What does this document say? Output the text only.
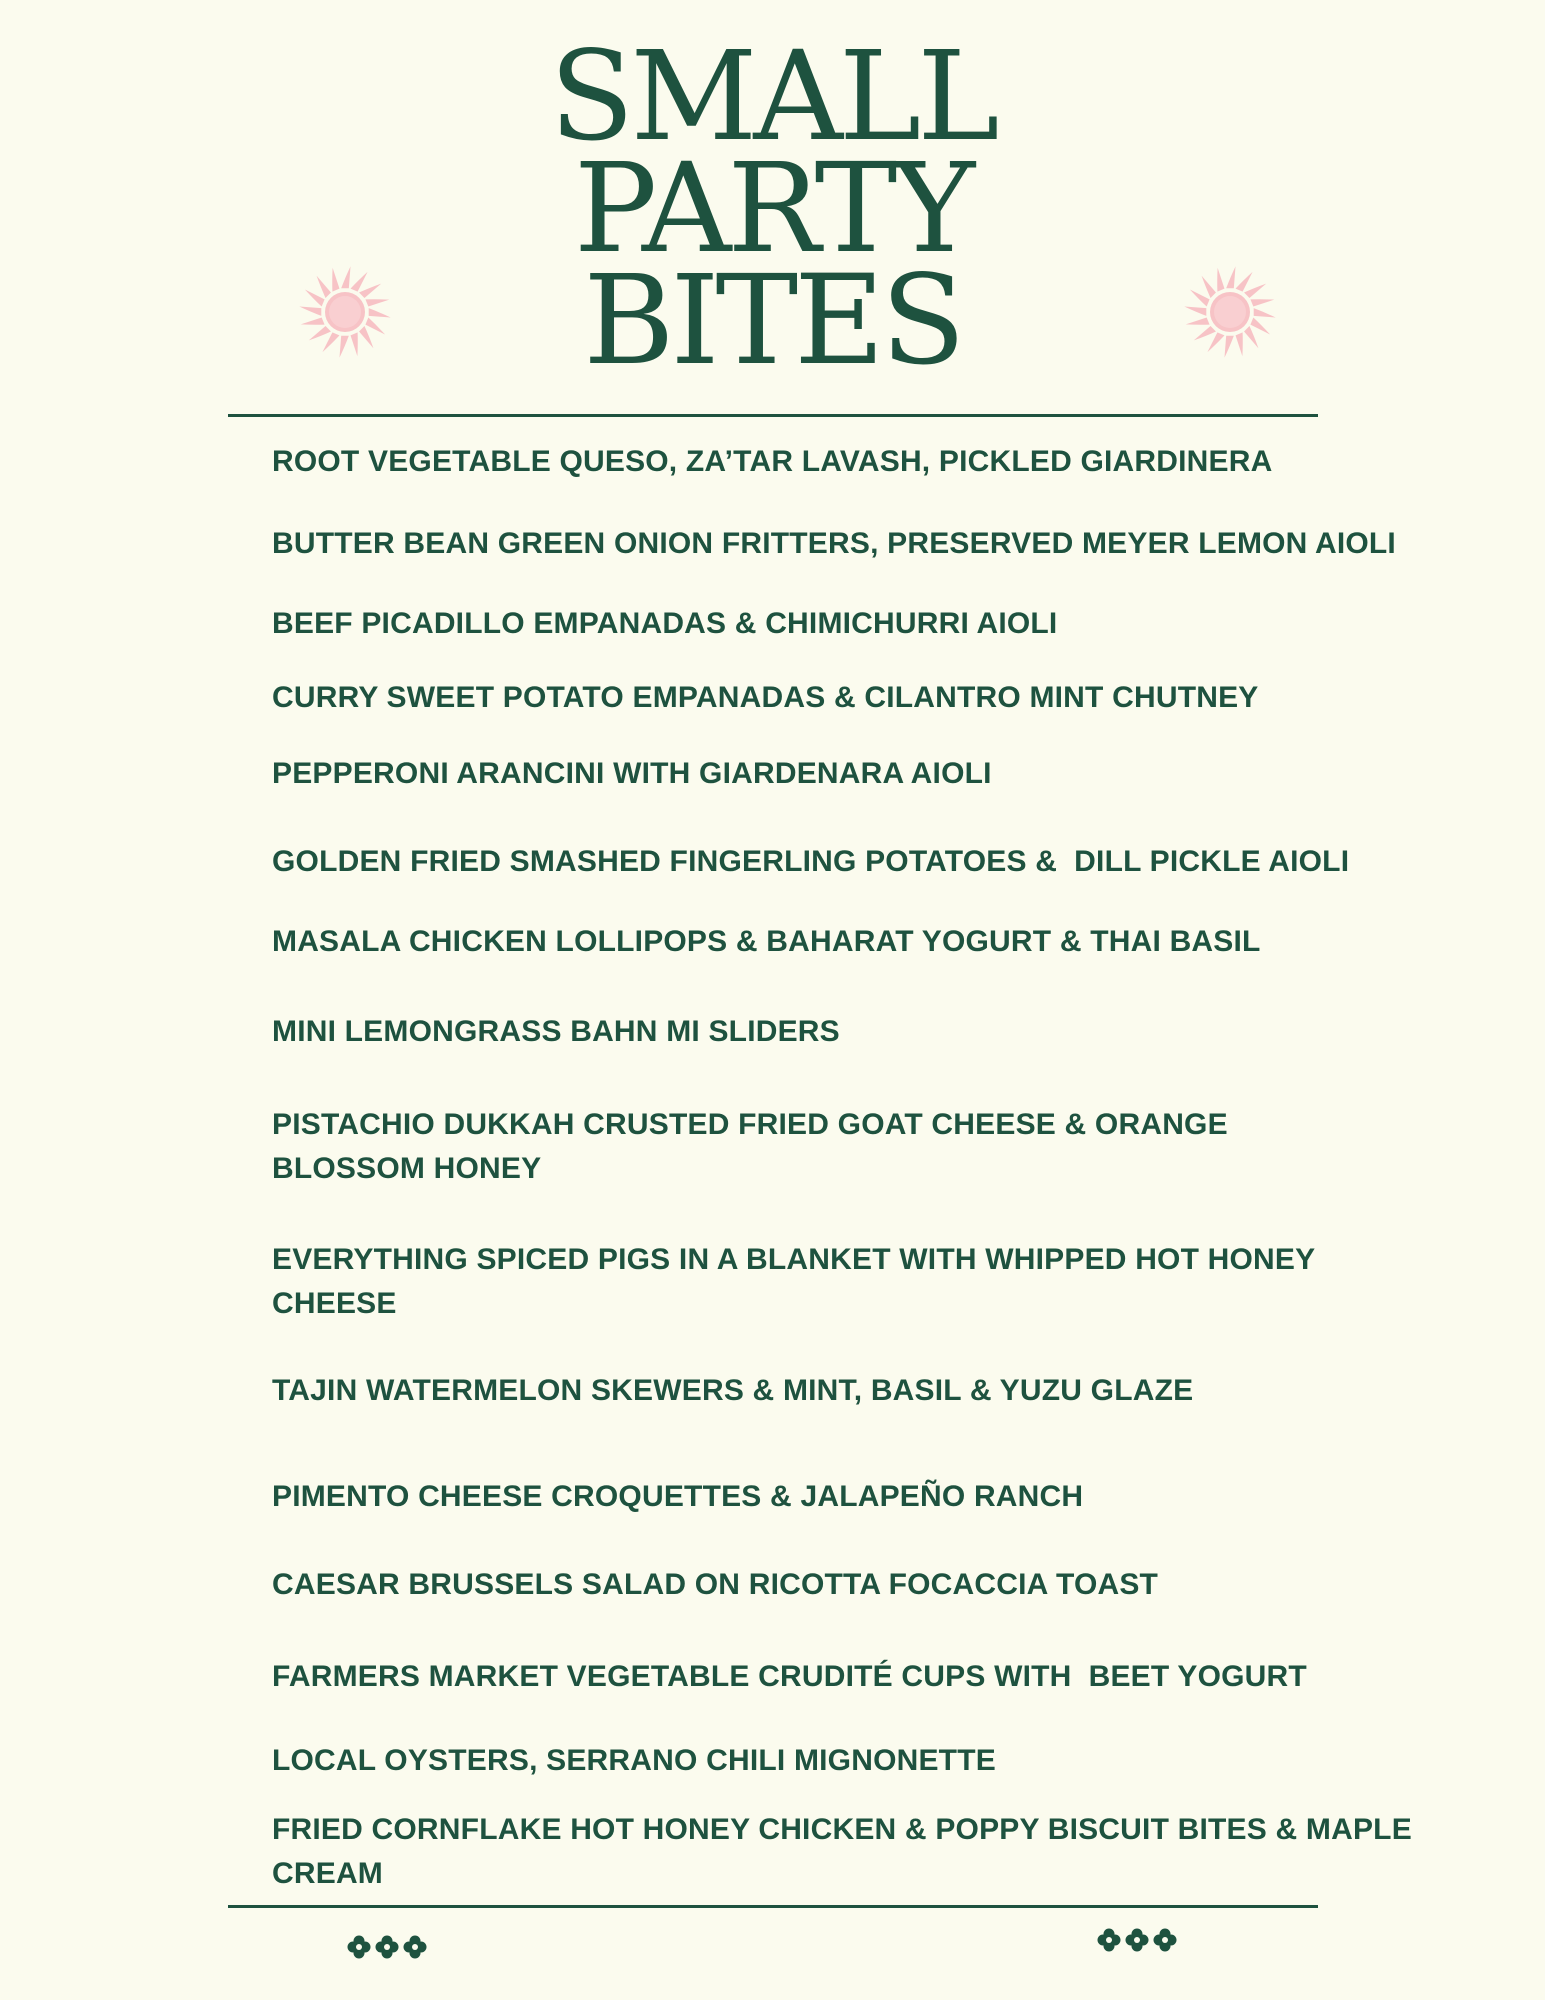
SMALL
PARTY
BITES
ROOT VEGETABLE QUESO, ZA’TAR LAVASH, PICKLED GIARDINERA
BUTTER BEAN GREEN ONION FRITTERS, PRESERVED MEYER LEMON AIOLI
BEEF PICADILLO EMPANADAS & CHIMICHURRI AIOLI
CURRY SWEET POTATO EMPANADAS & CILANTRO MINT CHUTNEY
PEPPERONI ARANCINI WITH GIARDENARA AIOLI
GOLDEN FRIED SMASHED FINGERLING POTATOES &  DILL PICKLE AIOLI
MASALA CHICKEN LOLLIPOPS & BAHARAT YOGURT & THAI BASIL
MINI LEMONGRASS BAHN MI SLIDERS
PISTACHIO DUKKAH CRUSTED FRIED GOAT CHEESE & ORANGE
BLOSSOM HONEY
EVERYTHING SPICED PIGS IN A BLANKET WITH WHIPPED HOT HONEY
CHEESE
TAJIN WATERMELON SKEWERS & MINT, BASIL & YUZU GLAZE
PIMENTO CHEESE CROQUETTES & JALAPEÑO RANCH
CAESAR BRUSSELS SALAD ON RICOTTA FOCACCIA TOAST
FARMERS MARKET VEGETABLE CRUDITÉ CUPS WITH  BEET YOGURT
LOCAL OYSTERS, SERRANO CHILI MIGNONETTE
FRIED CORNFLAKE HOT HONEY CHICKEN & POPPY BISCUIT BITES & MAPLE
CREAM
